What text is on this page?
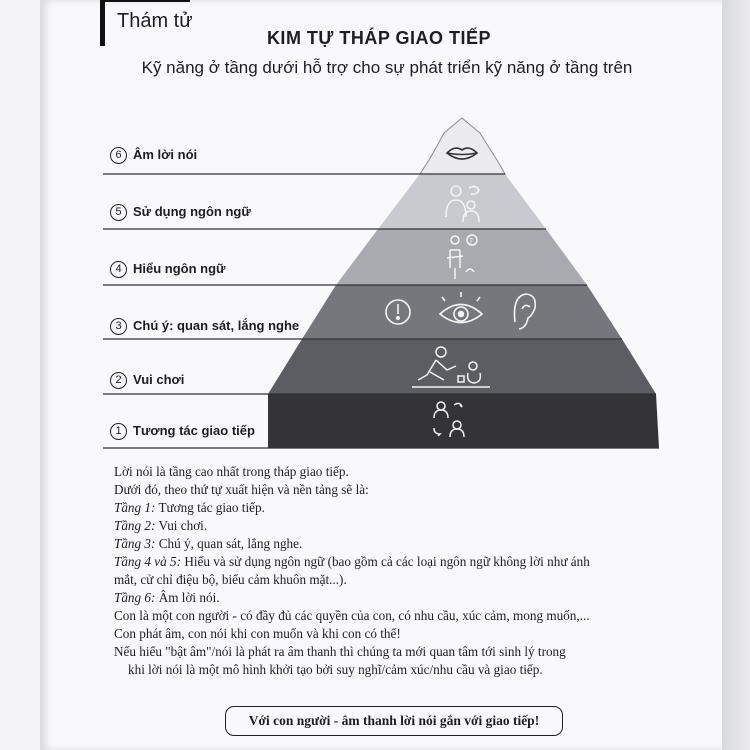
Thám tử
KIM TỰ THÁP GIAO TIẾP
Kỹ năng ở tầng dưới hỗ trợ cho sự phát triển kỹ năng ở tầng trên
?
6 Âm lời nói
5 Sử dụng ngôn ngữ
4 Hiểu ngôn ngữ
3 Chú ý: quan sát, lắng nghe
2 Vui chơi
1 Tương tác giao tiếp

Lời nói là tầng cao nhất trong tháp giao tiếp.

Dưới đó, theo thứ tự xuất hiện và nền tảng sẽ là:

Tầng 1: Tương tác giao tiếp.

Tầng 2: Vui chơi.

Tầng 3: Chú ý, quan sát, lắng nghe.

Tầng 4 và 5: Hiểu và sử dụng ngôn ngữ (bao gồm cả các loại ngôn ngữ không lời như ánh

mắt, cử chỉ điệu bộ, biểu cảm khuôn mặt...).

Tầng 6: Âm lời nói.

Con là một con người - có đầy đủ các quyền của con, có nhu cầu, xúc cảm, mong muốn,...

Con phát âm, con nói khi con muốn và khi con có thể!

Nếu hiểu "bật âm"/nói là phát ra âm thanh thì chúng ta mới quan tâm tới sinh lý trong

khi lời nói là một mô hình khởi tạo bởi suy nghĩ/cảm xúc/nhu cầu và giao tiếp.

Với con người - âm thanh lời nói gắn với giao tiếp!
